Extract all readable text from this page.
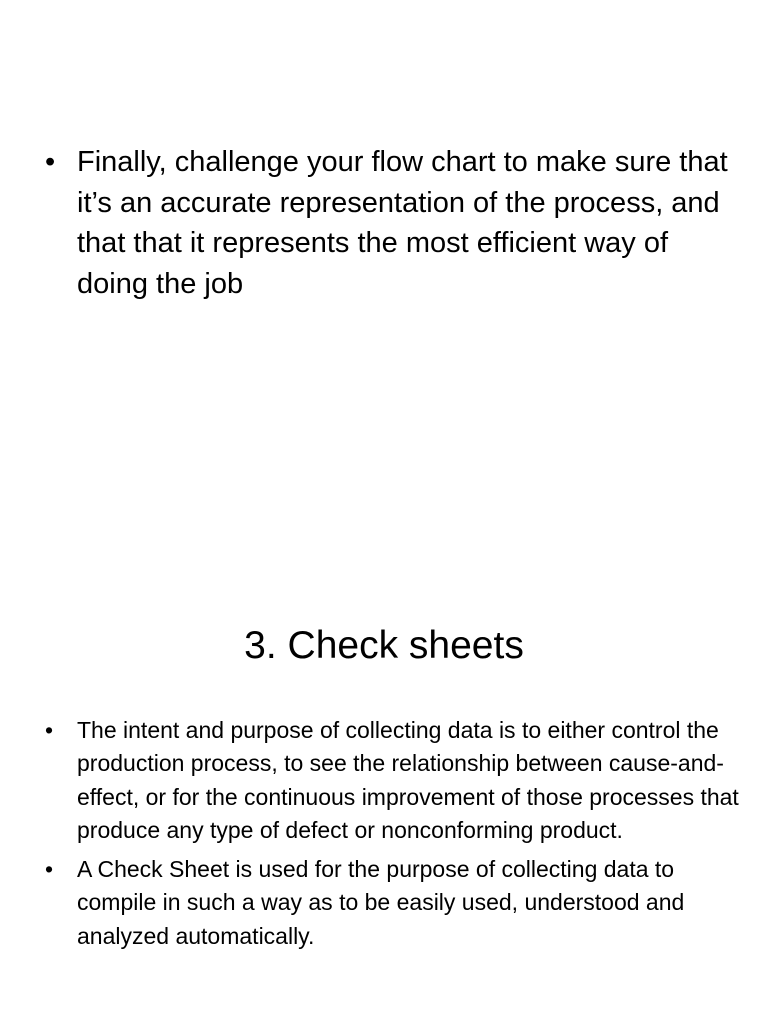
• Finally, challenge your flow chart to make sure that it’s an accurate representation of the process, and that that it represents the most efficient way of doing the job
3. Check sheets
• The intent and purpose of collecting data is to either control the production process, to see the relationship between cause-and-effect, or for the continuous improvement of those processes that produce any type of defect or nonconforming product.
• A Check Sheet is used for the purpose of collecting data to compile in such a way as to be easily used, understood and analyzed automatically.
